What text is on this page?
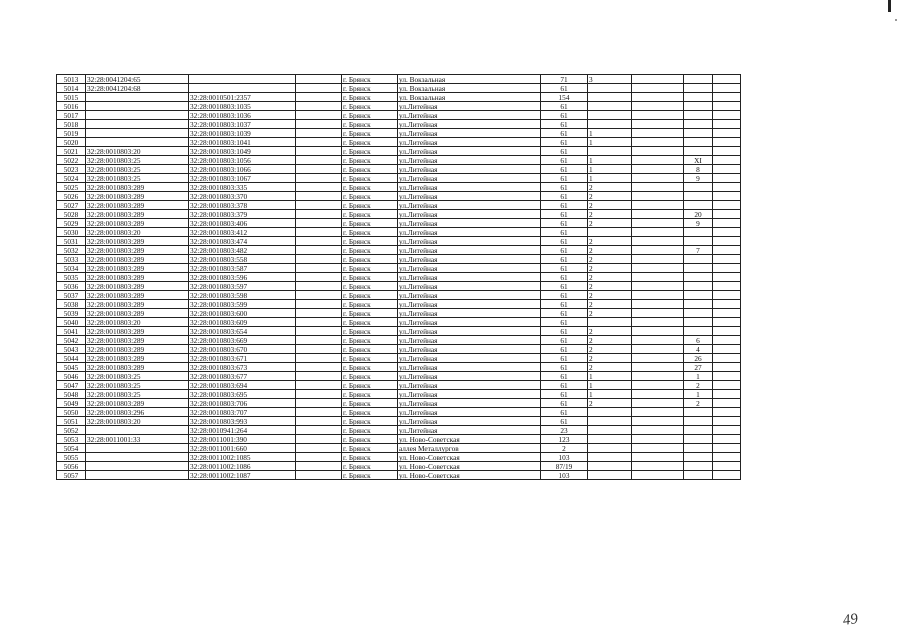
5013	32:28:0041204:65			г. Брянск	ул. Вокзальная	71	3			
5014	32:28:0041204:68			г. Брянск	ул. Вокзальная	61				
5015		32:28:0010501:2357		г. Брянск	ул. Вокзальная	154				
5016		32:28:0010803:1035		г. Брянск	ул.Литейная	61				
5017		32:28:0010803:1036		г. Брянск	ул.Литейная	61				
5018		32:28:0010803:1037		г. Брянск	ул.Литейная	61				
5019		32:28:0010803:1039		г. Брянск	ул.Литейная	61	1			
5020		32:28:0010803:1041		г. Брянск	ул.Литейная	61	1			
5021	32:28:0010803:20	32:28:0010803:1049		г. Брянск	ул.Литейная	61				
5022	32:28:0010803:25	32:28:0010803:1056		г. Брянск	ул.Литейная	61	1		XI	
5023	32:28:0010803:25	32:28:0010803:1066		г. Брянск	ул.Литейная	61	1		8	
5024	32:28:0010803:25	32:28:0010803:1067		г. Брянск	ул.Литейная	61	1		9	
5025	32:28:0010803:289	32:28:0010803:335		г. Брянск	ул.Литейная	61	2			
5026	32:28:0010803:289	32:28:0010803:370		г. Брянск	ул.Литейная	61	2			
5027	32:28:0010803:289	32:28:0010803:378		г. Брянск	ул.Литейная	61	2			
5028	32:28:0010803:289	32:28:0010803:379		г. Брянск	ул.Литейная	61	2		20	
5029	32:28:0010803:289	32:28:0010803:406		г. Брянск	ул.Литейная	61	2		9	
5030	32:28:0010803:20	32:28:0010803:412		г. Брянск	ул.Литейная	61				
5031	32:28:0010803:289	32:28:0010803:474		г. Брянск	ул.Литейная	61	2			
5032	32:28:0010803:289	32:28:0010803:482		г. Брянск	ул.Литейная	61	2		7	
5033	32:28:0010803:289	32:28:0010803:558		г. Брянск	ул.Литейная	61	2			
5034	32:28:0010803:289	32:28:0010803:587		г. Брянск	ул.Литейная	61	2			
5035	32:28:0010803:289	32:28:0010803:596		г. Брянск	ул.Литейная	61	2			
5036	32:28:0010803:289	32:28:0010803:597		г. Брянск	ул.Литейная	61	2			
5037	32:28:0010803:289	32:28:0010803:598		г. Брянск	ул.Литейная	61	2			
5038	32:28:0010803:289	32:28:0010803:599		г. Брянск	ул.Литейная	61	2			
5039	32:28:0010803:289	32:28:0010803:600		г. Брянск	ул.Литейная	61	2			
5040	32:28:0010803:20	32:28:0010803:609		г. Брянск	ул.Литейная	61				
5041	32:28:0010803:289	32:28:0010803:654		г. Брянск	ул.Литейная	61	2			
5042	32:28:0010803:289	32:28:0010803:669		г. Брянск	ул.Литейная	61	2		6	
5043	32:28:0010803:289	32:28:0010803:670		г. Брянск	ул.Литейная	61	2		4	
5044	32:28:0010803:289	32:28:0010803:671		г. Брянск	ул.Литейная	61	2		26	
5045	32:28:0010803:289	32:28:0010803:673		г. Брянск	ул.Литейная	61	2		27	
5046	32:28:0010803:25	32:28:0010803:677		г. Брянск	ул.Литейная	61	1		1	
5047	32:28:0010803:25	32:28:0010803:694		г. Брянск	ул.Литейная	61	1		2	
5048	32:28:0010803:25	32:28:0010803:695		г. Брянск	ул.Литейная	61	1		1	
5049	32:28:0010803:289	32:28:0010803:706		г. Брянск	ул.Литейная	61	2		2	
5050	32:28:0010803:296	32:28:0010803:707		г. Брянск	ул.Литейная	61				
5051	32:28:0010803:20	32:28:0010803:993		г. Брянск	ул.Литейная	61				
5052		32:28:0010941:264		г. Брянск	ул.Литейная	23				
5053	32:28:0011001:33	32:28:0011001:390		г. Брянск	ул. Ново-Советская	123				
5054		32:28:0011001:660		г. Брянск	аллея Металлургов	2				
5055		32:28:0011002:1085		г. Брянск	ул. Ново-Советская	103				
5056		32:28:0011002:1086		г. Брянск	ул. Ново-Советская	87/19				
5057		32:28:0011002:1087		г. Брянск	ул. Ново-Советская	103				
49
